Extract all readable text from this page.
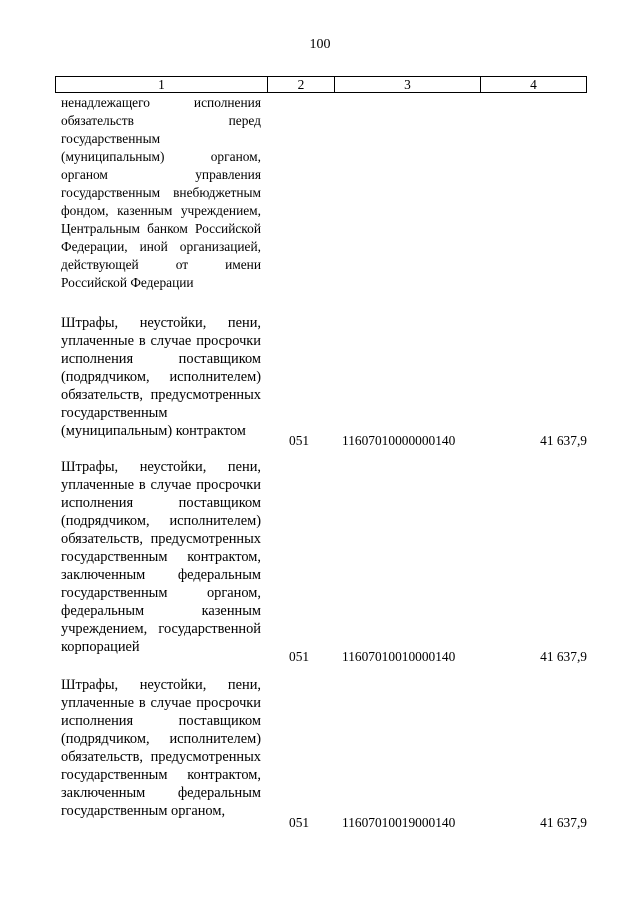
100
1	2	3	4
ненадлежащего исполнения обязательств перед государственным (муниципальным) органом, органом управления государственным внебюджетным фондом, казенным учреждением, Центральным банком Российской Федерации, иной организацией, действующей от имени Российской Федерации
Штрафы, неустойки, пени, уплаченные в случае просрочки исполнения поставщиком (подрядчиком, исполнителем) обязательств, предусмотренных государственным (муниципальным) контрактом
051 11607010000000140	41 637,9
Штрафы, неустойки, пени, уплаченные в случае просрочки исполнения поставщиком (подрядчиком, исполнителем) обязательств, предусмотренных государственным контрактом, заключенным федеральным государственным органом, федеральным казенным учреждением, государственной корпорацией
051 11607010010000140	41 637,9
Штрафы, неустойки, пени, уплаченные в случае просрочки исполнения поставщиком (подрядчиком, исполнителем) обязательств, предусмотренных государственным контрактом, заключенным федеральным государственным органом,
051 11607010019000140	41 637,9
